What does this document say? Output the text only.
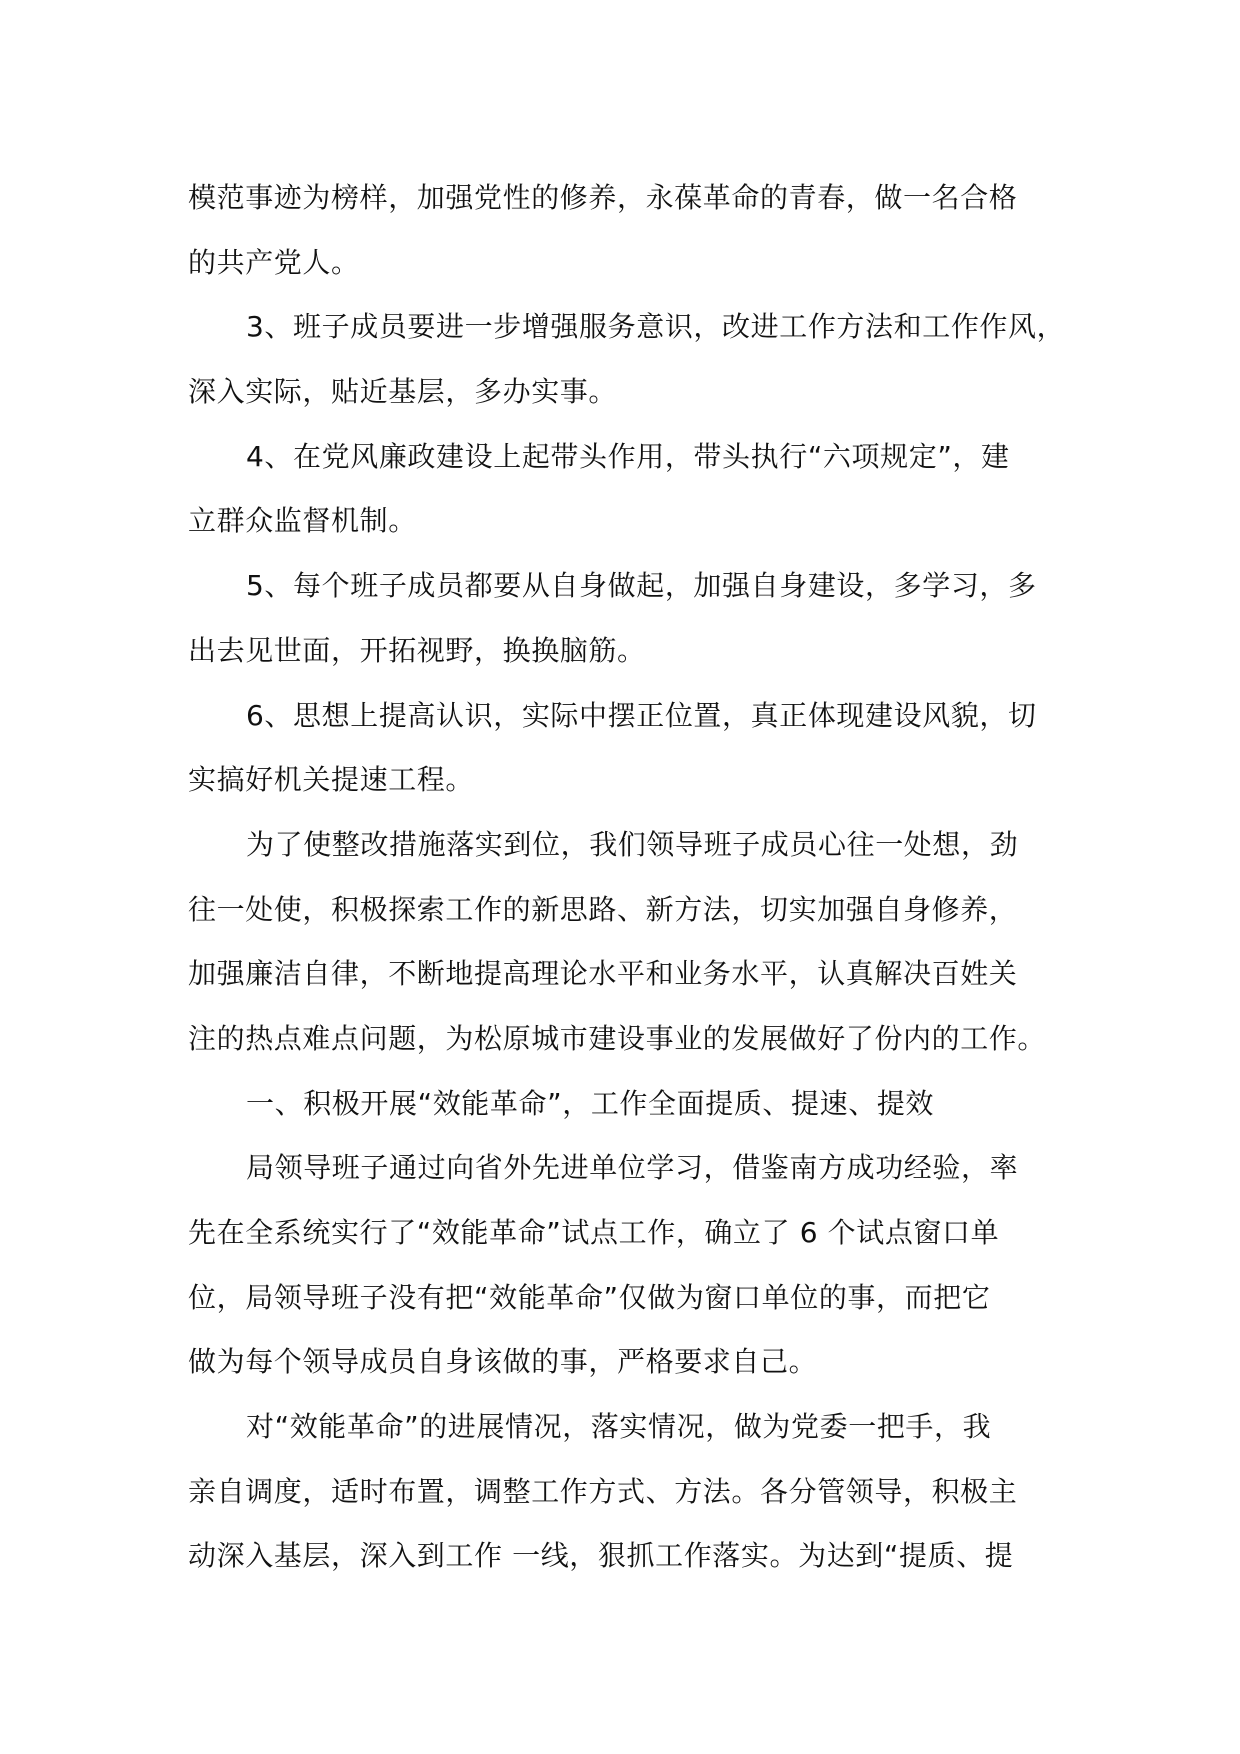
模范事迹为榜样，加强党性的修养，永葆革命的青春，做一名合格
的共产党人。
3、班子成员要进一步增强服务意识，改进工作方法和工作作风，
深入实际，贴近基层，多办实事。
4、在党风廉政建设上起带头作用，带头执行“六项规定”，建
立群众监督机制。
5、每个班子成员都要从自身做起，加强自身建设，多学习，多
出去见世面，开拓视野，换换脑筋。
6、思想上提高认识，实际中摆正位置，真正体现建设风貌，切
实搞好机关提速工程。
为了使整改措施落实到位，我们领导班子成员心往一处想，劲
往一处使，积极探索工作的新思路、新方法，切实加强自身修养，
加强廉洁自律，不断地提高理论水平和业务水平，认真解决百姓关
注的热点难点问题，为松原城市建设事业的发展做好了份内的工作。
一、积极开展“效能革命”，工作全面提质、提速、提效
局领导班子通过向省外先进单位学习，借鉴南方成功经验，率
先在全系统实行了“效能革命”试点工作，确立了 6 个试点窗口单
位，局领导班子没有把“效能革命”仅做为窗口单位的事，而把它
做为每个领导成员自身该做的事，严格要求自己。
对“效能革命”的进展情况，落实情况，做为党委一把手，我
亲自调度，适时布置，调整工作方式、方法。各分管领导，积极主
动深入基层，深入到工作 一线，狠抓工作落实。为达到“提质、提
